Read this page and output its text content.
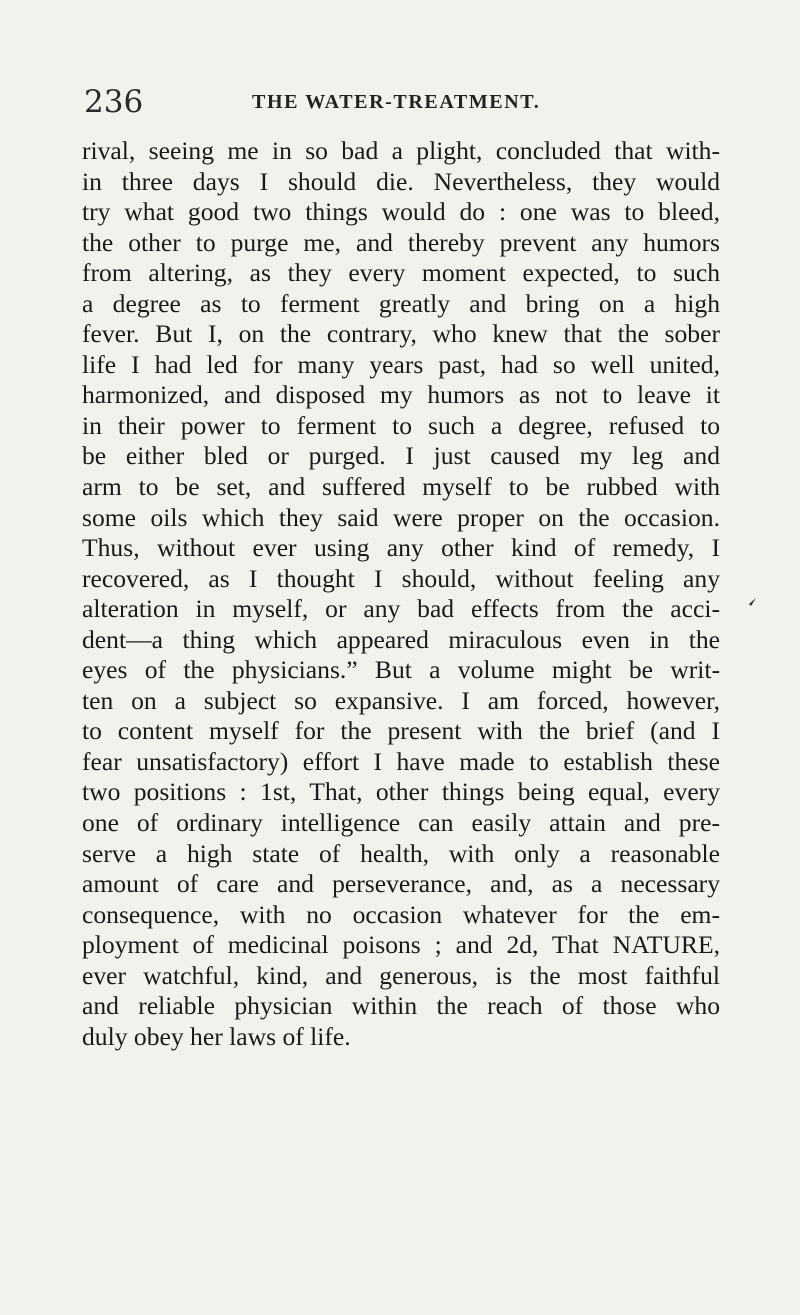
236	THE WATER-TREATMENT.
rival, seeing me in so bad a plight, concluded that with-
in three days I should die. Nevertheless, they would
try what good two things would do : one was to bleed,
the other to purge me, and thereby prevent any humors
from altering, as they every moment expected, to such
a degree as to ferment greatly and bring on a high
fever. But I, on the contrary, who knew that the sober
life I had led for many years past, had so well united,
harmonized, and disposed my humors as not to leave it
in their power to ferment to such a degree, refused to
be either bled or purged. I just caused my leg and
arm to be set, and suffered myself to be rubbed with
some oils which they said were proper on the occasion.
Thus, without ever using any other kind of remedy, I
recovered, as I thought I should, without feeling any
alteration in myself, or any bad effects from the acci-
dent—a thing which appeared miraculous even in the
eyes of the physicians.” But a volume might be writ-
ten on a subject so expansive. I am forced, however,
to content myself for the present with the brief (and I
fear unsatisfactory) effort I have made to establish these
two positions : 1st, That, other things being equal, every
one of ordinary intelligence can easily attain and pre-
serve a high state of health, with only a reasonable
amount of care and perseverance, and, as a necessary
consequence, with no occasion whatever for the em-
ployment of medicinal poisons ; and 2d, That NATURE,
ever watchful, kind, and generous, is the most faithful
and reliable physician within the reach of those who
duly obey her laws of life.
